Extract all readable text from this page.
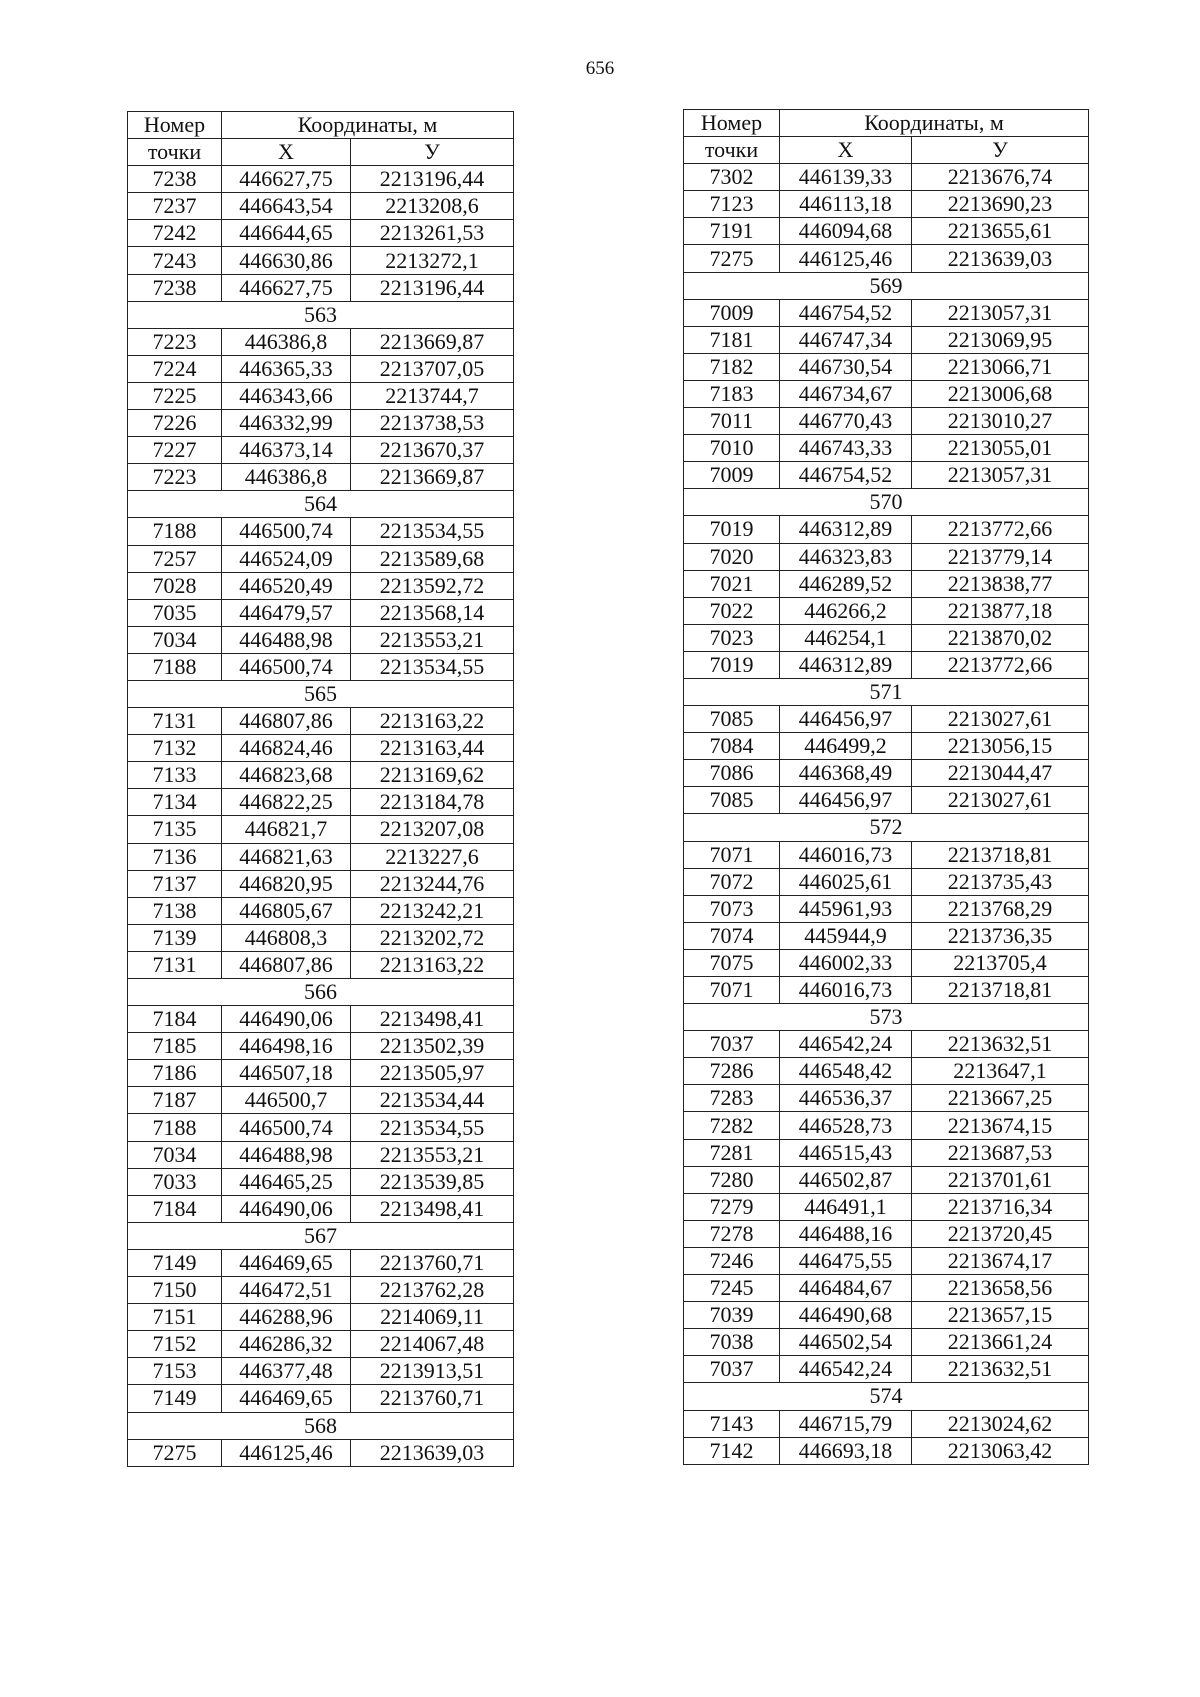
656
Номер	Координаты, м	
точки	X	У
7238	446627,75	2213196,44
7237	446643,54	2213208,6
7242	446644,65	2213261,53
7243	446630,86	2213272,1
7238	446627,75	2213196,44
563		
7223	446386,8	2213669,87
7224	446365,33	2213707,05
7225	446343,66	2213744,7
7226	446332,99	2213738,53
7227	446373,14	2213670,37
7223	446386,8	2213669,87
564		
7188	446500,74	2213534,55
7257	446524,09	2213589,68
7028	446520,49	2213592,72
7035	446479,57	2213568,14
7034	446488,98	2213553,21
7188	446500,74	2213534,55
565		
7131	446807,86	2213163,22
7132	446824,46	2213163,44
7133	446823,68	2213169,62
7134	446822,25	2213184,78
7135	446821,7	2213207,08
7136	446821,63	2213227,6
7137	446820,95	2213244,76
7138	446805,67	2213242,21
7139	446808,3	2213202,72
7131	446807,86	2213163,22
566		
7184	446490,06	2213498,41
7185	446498,16	2213502,39
7186	446507,18	2213505,97
7187	446500,7	2213534,44
7188	446500,74	2213534,55
7034	446488,98	2213553,21
7033	446465,25	2213539,85
7184	446490,06	2213498,41
567		
7149	446469,65	2213760,71
7150	446472,51	2213762,28
7151	446288,96	2214069,11
7152	446286,32	2214067,48
7153	446377,48	2213913,51
7149	446469,65	2213760,71
568		
7275	446125,46	2213639,03
Номер	Координаты, м	
точки	X	У
7302	446139,33	2213676,74
7123	446113,18	2213690,23
7191	446094,68	2213655,61
7275	446125,46	2213639,03
569		
7009	446754,52	2213057,31
7181	446747,34	2213069,95
7182	446730,54	2213066,71
7183	446734,67	2213006,68
7011	446770,43	2213010,27
7010	446743,33	2213055,01
7009	446754,52	2213057,31
570		
7019	446312,89	2213772,66
7020	446323,83	2213779,14
7021	446289,52	2213838,77
7022	446266,2	2213877,18
7023	446254,1	2213870,02
7019	446312,89	2213772,66
571		
7085	446456,97	2213027,61
7084	446499,2	2213056,15
7086	446368,49	2213044,47
7085	446456,97	2213027,61
572		
7071	446016,73	2213718,81
7072	446025,61	2213735,43
7073	445961,93	2213768,29
7074	445944,9	2213736,35
7075	446002,33	2213705,4
7071	446016,73	2213718,81
573		
7037	446542,24	2213632,51
7286	446548,42	2213647,1
7283	446536,37	2213667,25
7282	446528,73	2213674,15
7281	446515,43	2213687,53
7280	446502,87	2213701,61
7279	446491,1	2213716,34
7278	446488,16	2213720,45
7246	446475,55	2213674,17
7245	446484,67	2213658,56
7039	446490,68	2213657,15
7038	446502,54	2213661,24
7037	446542,24	2213632,51
574		
7143	446715,79	2213024,62
7142	446693,18	2213063,42
